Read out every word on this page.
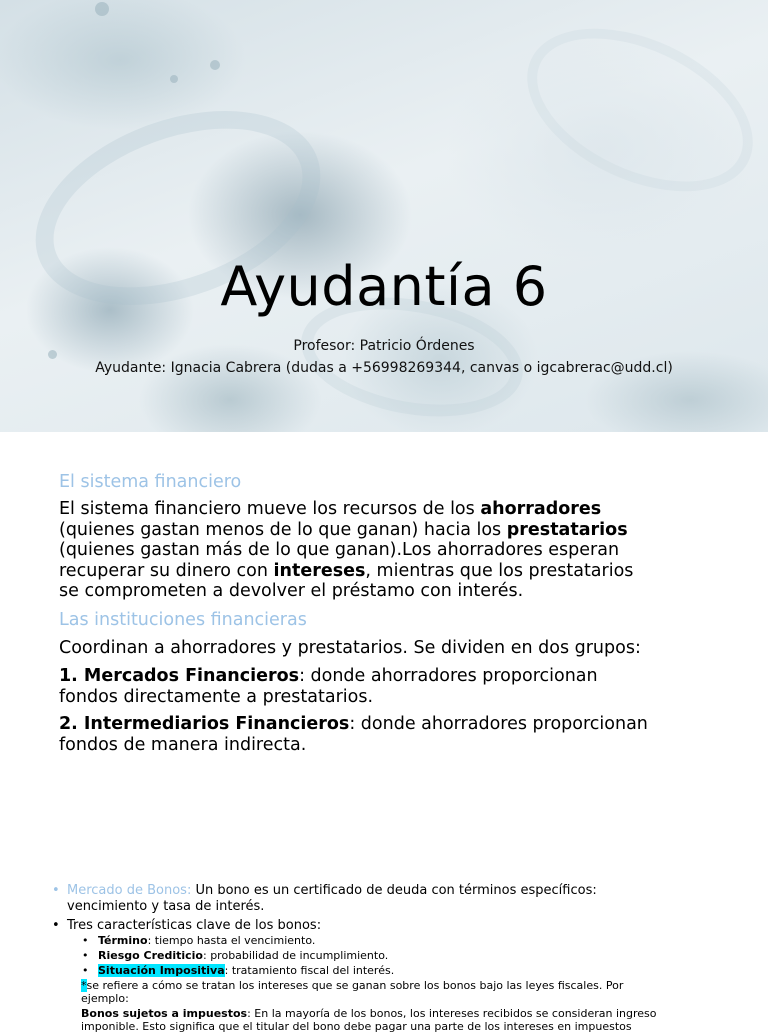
Ayudantía 6
Profesor: Patricio Órdenes
Ayudante: Ignacia Cabrera (dudas a +56998269344, canvas o igcabrerac@udd.cl)
El sistema financiero
El sistema financiero mueve los recursos de los ahorradores
(quienes gastan menos de lo que ganan) hacia los prestatarios
(quienes gastan más de lo que ganan).Los ahorradores esperan
recuperar su dinero con intereses, mientras que los prestatarios
se comprometen a devolver el préstamo con interés.
Las instituciones financieras
Coordinan a ahorradores y prestatarios. Se dividen en dos grupos:
1. Mercados Financieros: donde ahorradores proporcionan
fondos directamente a prestatarios.
2. Intermediarios Financieros: donde ahorradores proporcionan
fondos de manera indirecta.
• Mercado de Bonos: Un bono es un certificado de deuda con términos específicos:
vencimiento y tasa de interés.
• Tres características clave de los bonos:
• Término: tiempo hasta el vencimiento.
• Riesgo Crediticio: probabilidad de incumplimiento.
• Situación Impositiva: tratamiento fiscal del interés.
*se refiere a cómo se tratan los intereses que se ganan sobre los bonos bajo las leyes fiscales. Por
ejemplo:
Bonos sujetos a impuestos: En la mayoría de los bonos, los intereses recibidos se consideran ingreso
imponible. Esto significa que el titular del bono debe pagar una parte de los intereses en impuestos
